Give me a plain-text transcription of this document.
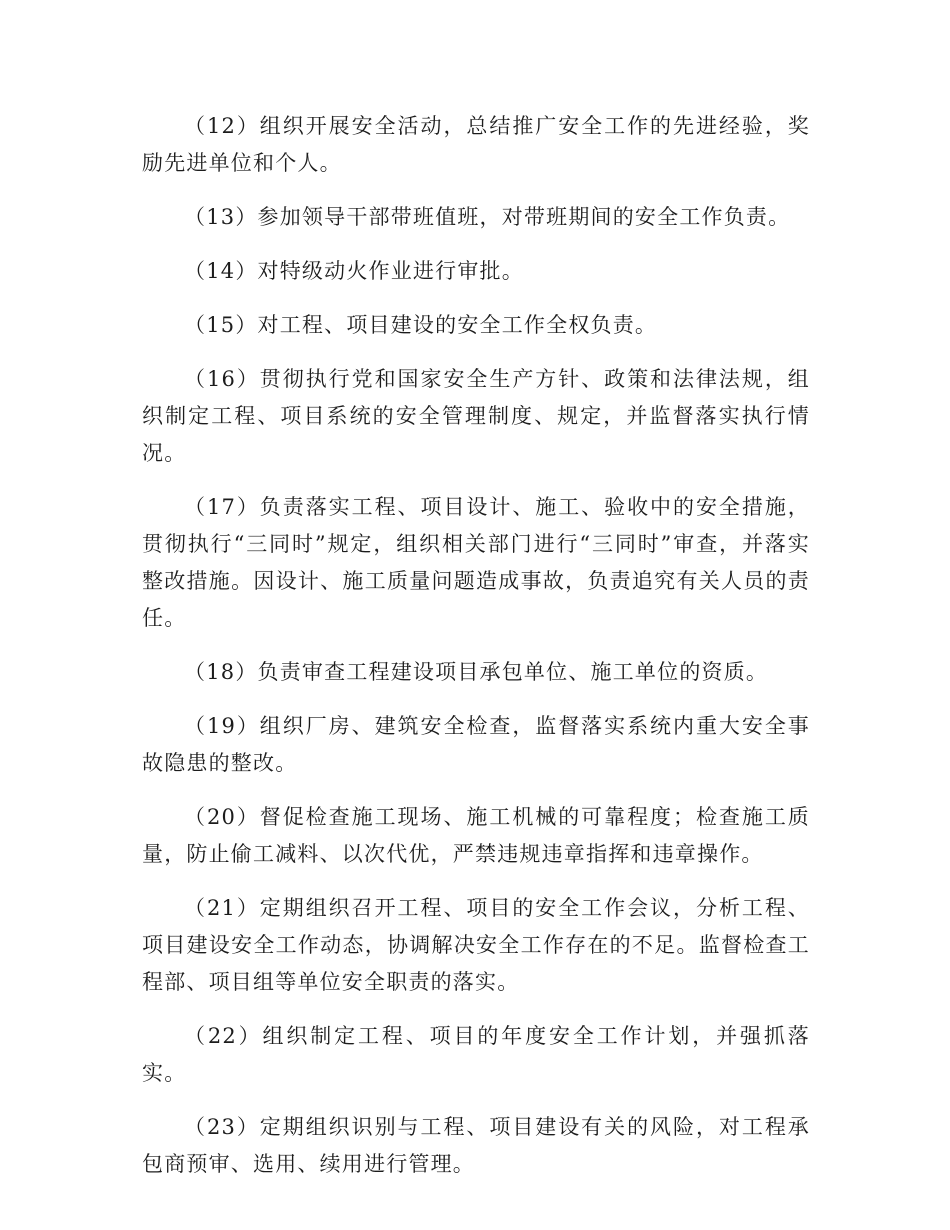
（12）组织开展安全活动，总结推广安全工作的先进经验，奖励先进单位和个人。

（13）参加领导干部带班值班，对带班期间的安全工作负责。

（14）对特级动火作业进行审批。

（15）对工程、项目建设的安全工作全权负责。

（16）贯彻执行党和国家安全生产方针、政策和法律法规，组织制定工程、项目系统的安全管理制度、规定，并监督落实执行情况。

（17）负责落实工程、项目设计、施工、验收中的安全措施，贯彻执行“三同时”规定，组织相关部门进行“三同时”审查，并落实整改措施。因设计、施工质量问题造成事故，负责追究有关人员的责任。

（18）负责审查工程建设项目承包单位、施工单位的资质。

（19）组织厂房、建筑安全检查，监督落实系统内重大安全事故隐患的整改。

（20）督促检查施工现场、施工机械的可靠程度；检查施工质量，防止偷工减料、以次代优，严禁违规违章指挥和违章操作。

（21）定期组织召开工程、项目的安全工作会议，分析工程、项目建设安全工作动态，协调解决安全工作存在的不足。监督检查工程部、项目组等单位安全职责的落实。

（22）组织制定工程、项目的年度安全工作计划，并强抓落实。

（23）定期组织识别与工程、项目建设有关的风险，对工程承包商预审、选用、续用进行管理。
